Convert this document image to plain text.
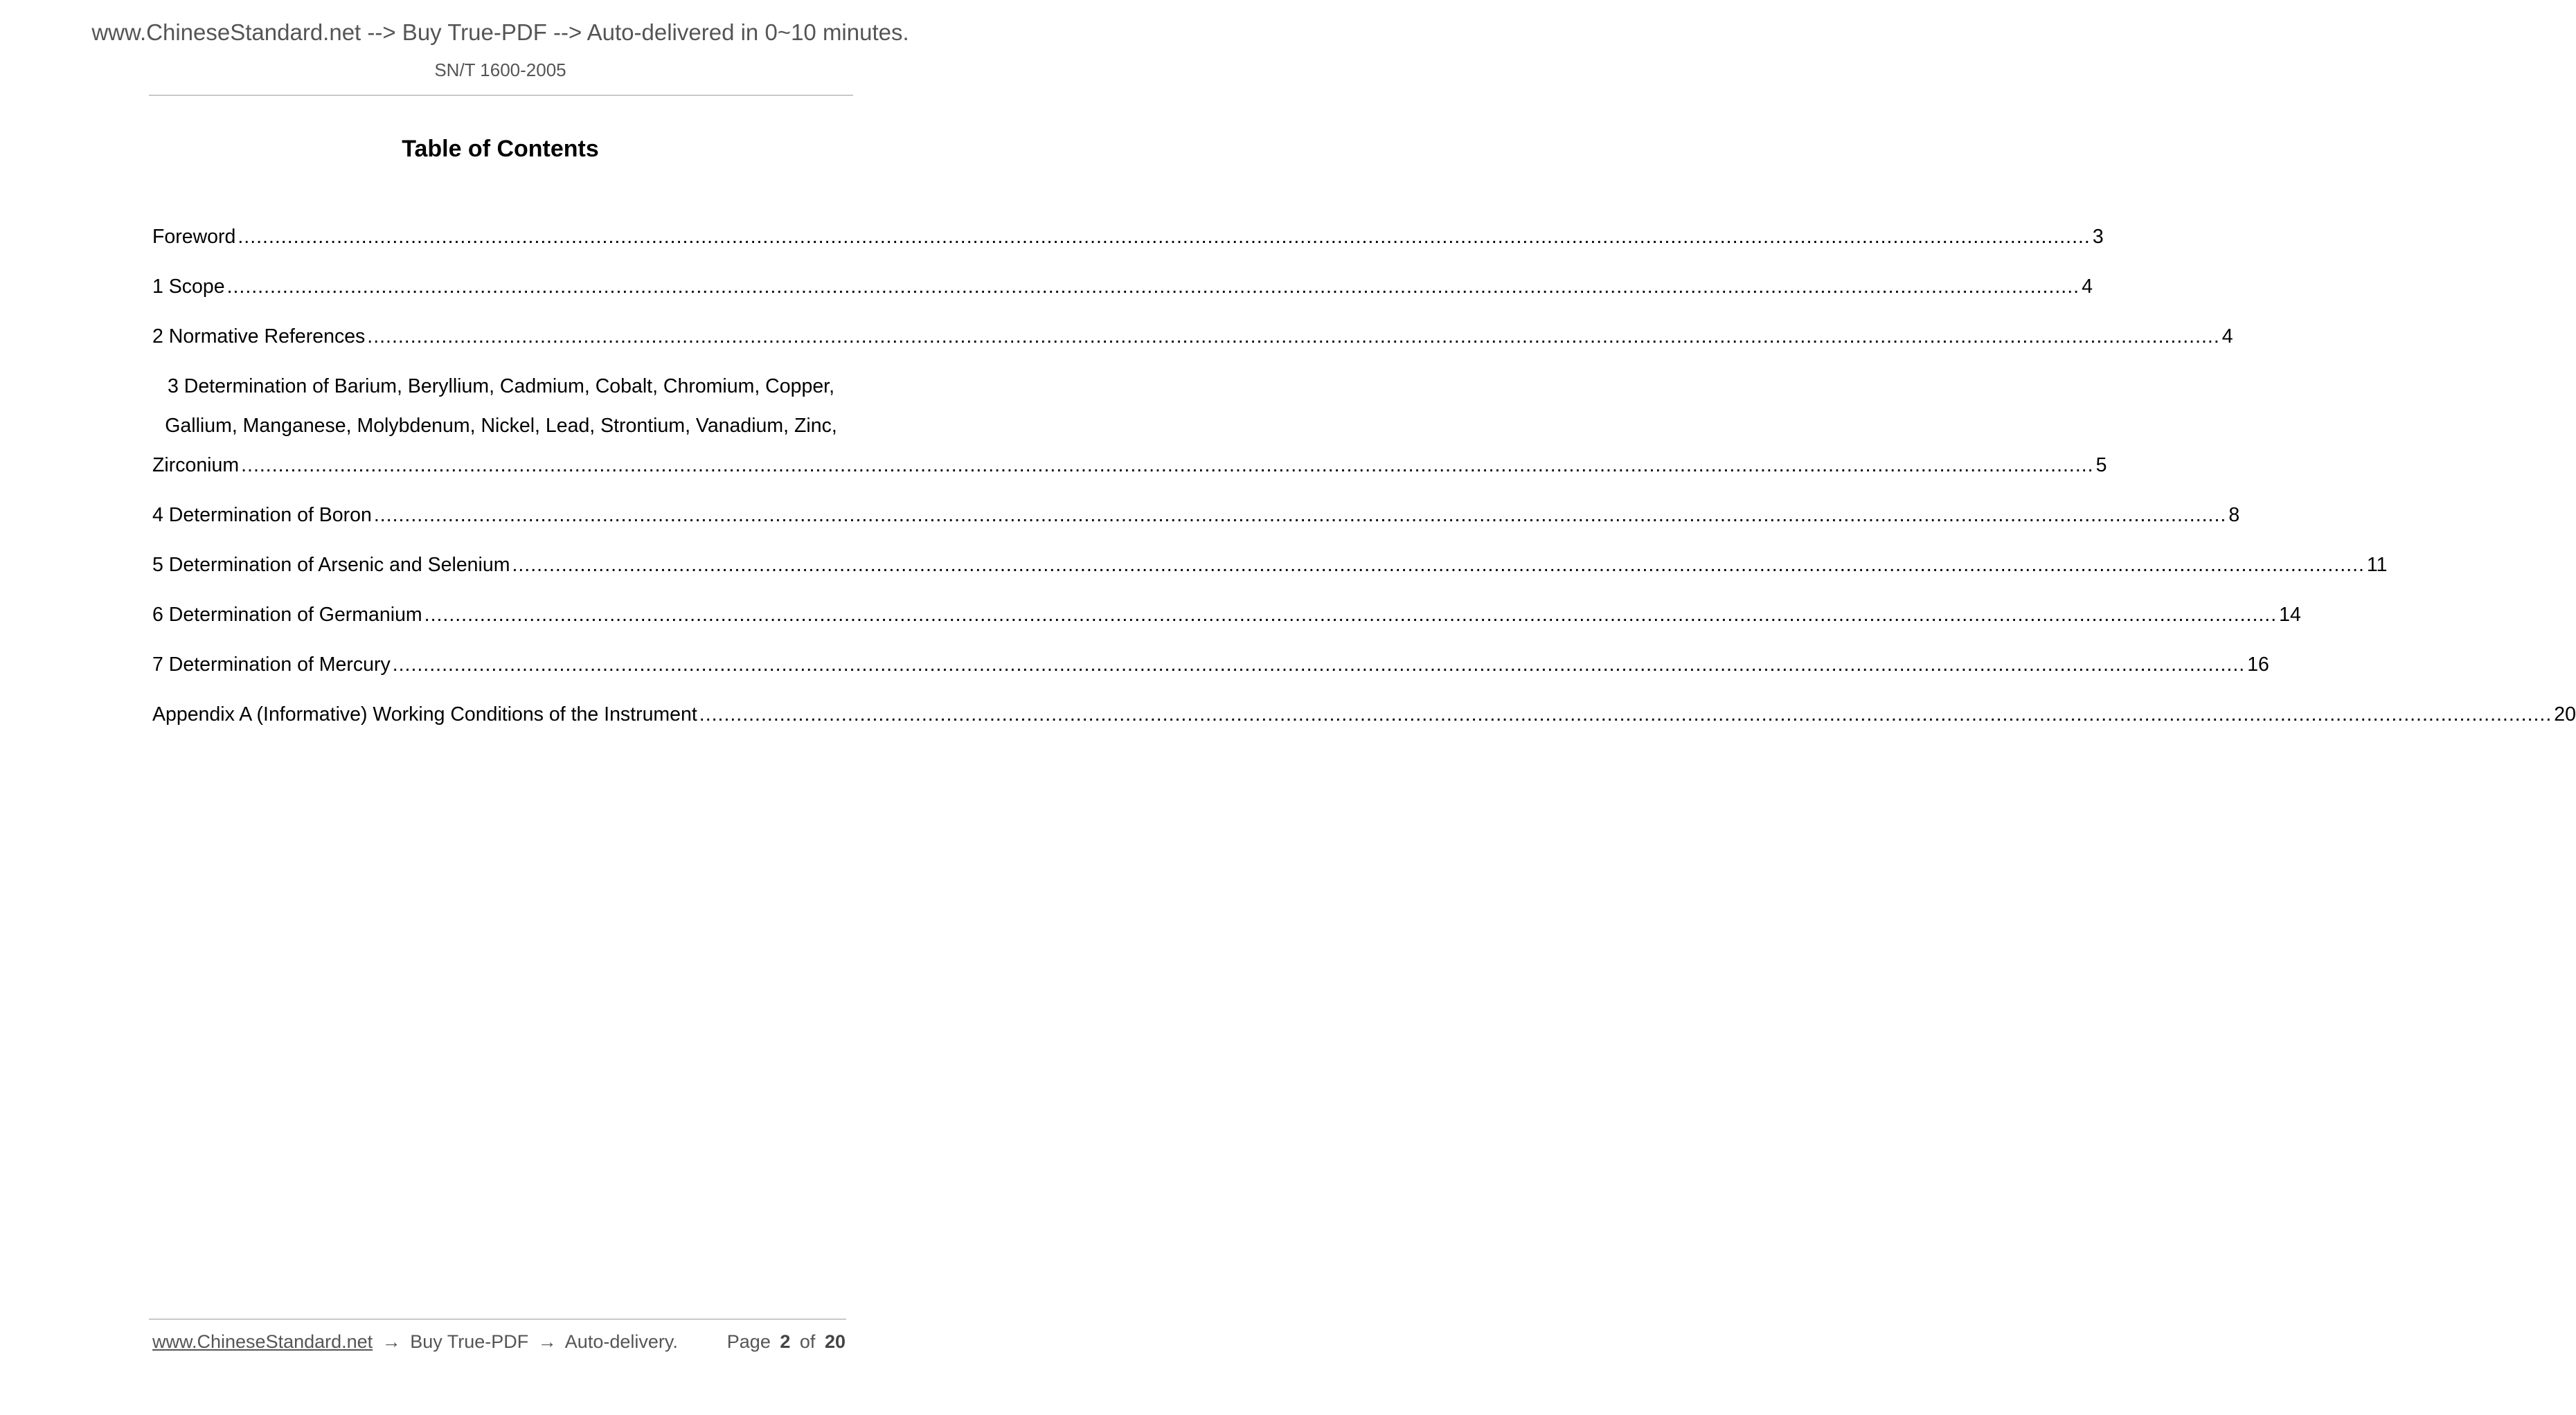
www.ChineseStandard.net --> Buy True-PDF --> Auto-delivered in 0~10 minutes.
SN/T 1600-2005
Table of Contents
Foreword ............................................................................................................................................................................................................................................................................................................ 3
1 Scope ............................................................................................................................................................................................................................................................................................................ 4
2 Normative References ............................................................................................................................................................................................................................................................................................................ 4
3 Determination of Barium, Beryllium, Cadmium, Cobalt, Chromium, Copper,
Gallium, Manganese, Molybdenum, Nickel, Lead, Strontium, Vanadium, Zinc,
Zirconium ............................................................................................................................................................................................................................................................................................................ 5
4 Determination of Boron ............................................................................................................................................................................................................................................................................................................ 8
5 Determination of Arsenic and Selenium ............................................................................................................................................................................................................................................................................................................ 11
6 Determination of Germanium ............................................................................................................................................................................................................................................................................................................ 14
7 Determination of Mercury ............................................................................................................................................................................................................................................................................................................ 16
Appendix A (Informative) Working Conditions of the Instrument ............................................................................................................................................................................................................................................................................................................ 20
www.ChineseStandard.net → Buy True-PDF → Auto-delivery.	Page 2 of 20
